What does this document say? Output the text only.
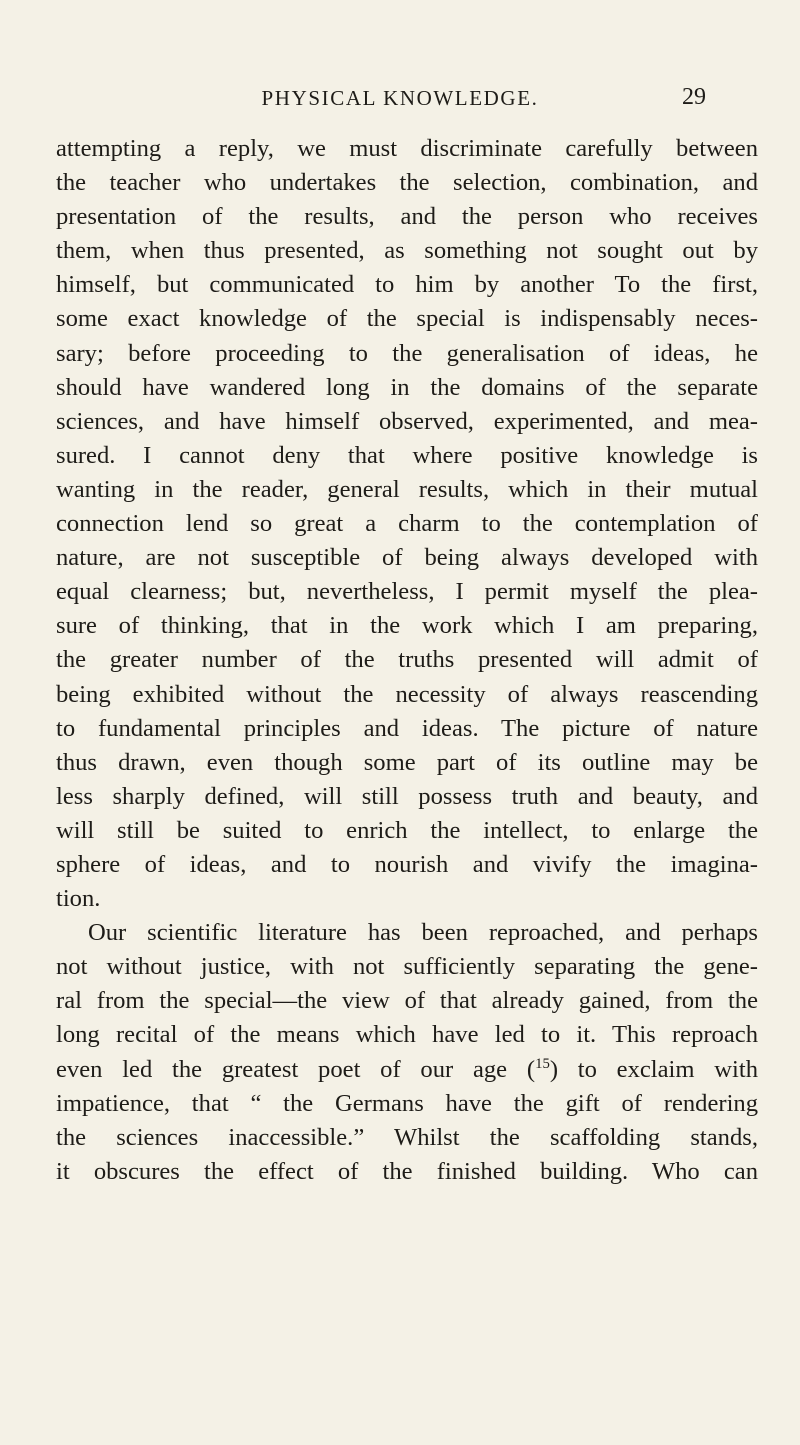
PHYSICAL KNOWLEDGE.	29
attempting a reply, we must discriminate carefully between
the teacher who undertakes the selection, combination, and
presentation of the results, and the person who receives
them, when thus presented, as something not sought out by
himself, but communicated to him by another To the first,
some exact knowledge of the special is indispensably neces-
sary; before proceeding to the generalisation of ideas, he
should have wandered long in the domains of the separate
sciences, and have himself observed, experimented, and mea-
sured. I cannot deny that where positive knowledge is
wanting in the reader, general results, which in their mutual
connection lend so great a charm to the contemplation of
nature, are not susceptible of being always developed with
equal clearness; but, nevertheless, I permit myself the plea-
sure of thinking, that in the work which I am preparing,
the greater number of the truths presented will admit of
being exhibited without the necessity of always reascending
to fundamental principles and ideas. The picture of nature
thus drawn, even though some part of its outline may be
less sharply defined, will still possess truth and beauty, and
will still be suited to enrich the intellect, to enlarge the
sphere of ideas, and to nourish and vivify the imagina-
tion.
Our scientific literature has been reproached, and perhaps
not without justice, with not sufficiently separating the gene-
ral from the special—the view of that already gained, from the
long recital of the means which have led to it. This reproach
even led the greatest poet of our age ($^{15}$) to exclaim with
impatience, that “ the Germans have the gift of rendering
the sciences inaccessible.” Whilst the scaffolding stands,
it obscures the effect of the finished building. Who can
